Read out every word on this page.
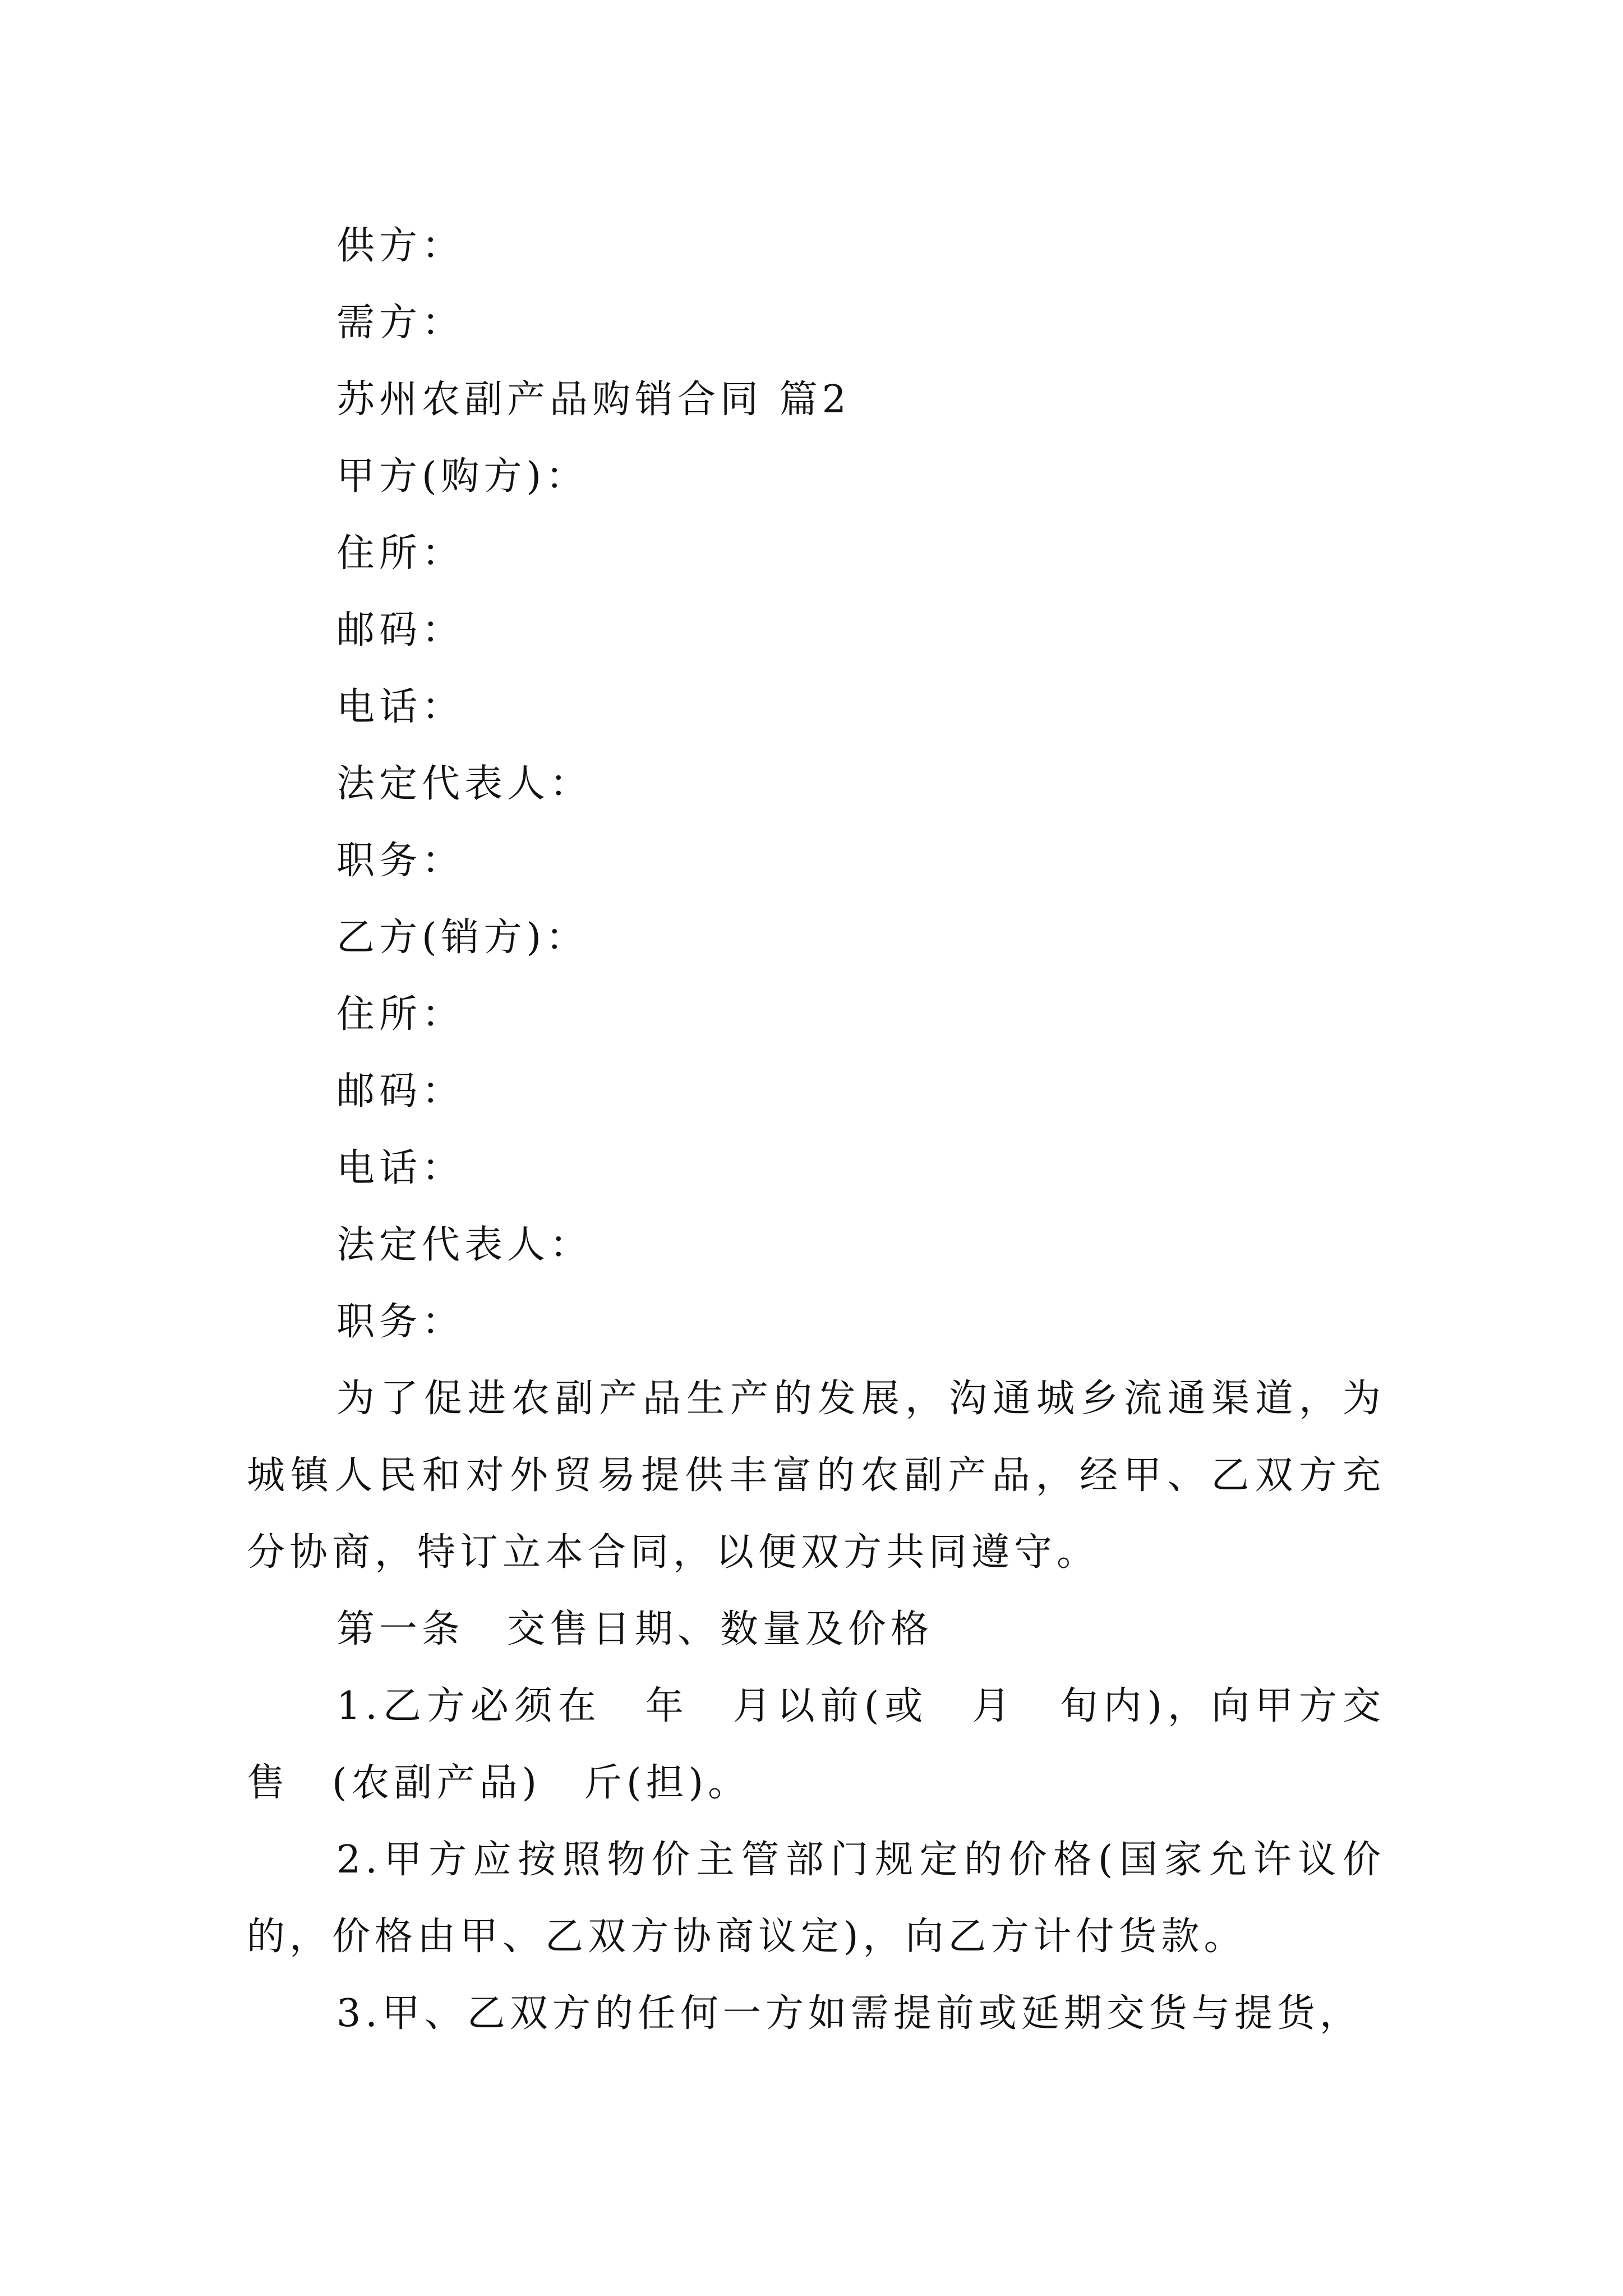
供方：

需方：

苏州农副产品购销合同 篇2

甲方(购方)：

住所：

邮码：

电话：

法定代表人：

职务：

乙方(销方)：

住所：

邮码：

电话：

法定代表人：

职务：

为了促进农副产品生产的发展，沟通城乡流通渠道，为城镇人民和对外贸易提供丰富的农副产品，经甲、乙双方充分协商，特订立本合同，以便双方共同遵守。

第一条　交售日期、数量及价格

1.乙方必须在　年　月以前(或　月　旬内)，向甲方交售　(农副产品)　斤(担)。

2.甲方应按照物价主管部门规定的价格(国家允许议价的，价格由甲、乙双方协商议定)，向乙方计付货款。

3.甲、乙双方的任何一方如需提前或延期交货与提货，
